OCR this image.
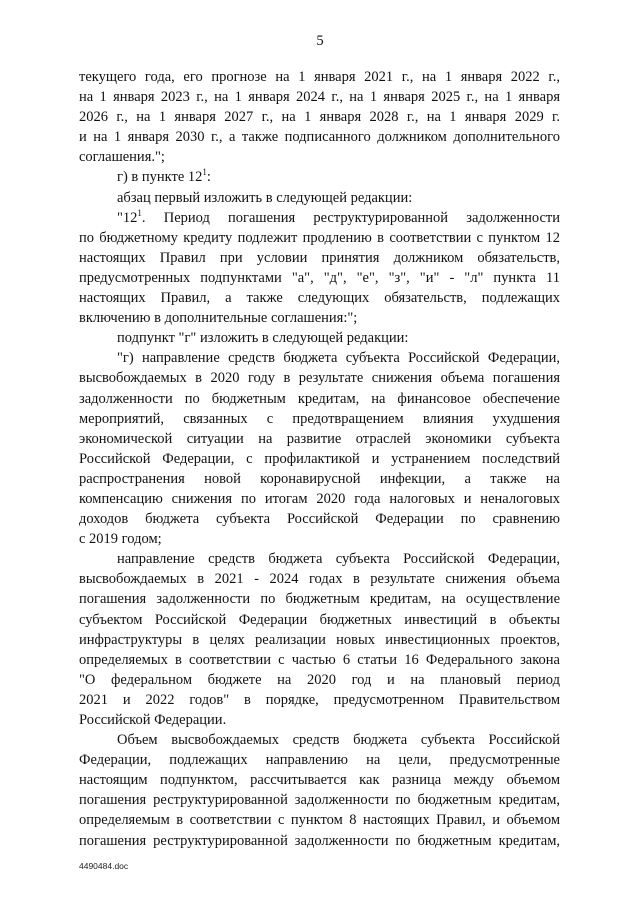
5
текущего года, его прогнозе на 1 января 2021 г., на 1 января 2022 г.,
на 1 января 2023 г., на 1 января 2024 г., на 1 января 2025 г., на 1 января
2026 г., на 1 января 2027 г., на 1 января 2028 г., на 1 января 2029 г.
и на 1 января 2030 г., а также подписанного должником дополнительного
соглашения.";
г) в пункте $12^1$:
абзац первый изложить в следующей редакции:
"$12^1$. Период погашения реструктурированной задолженности
по бюджетному кредиту подлежит продлению в соответствии с пунктом 12
настоящих Правил при условии принятия должником обязательств,
предусмотренных подпунктами "а", "д", "е", "з", "и" - "л" пункта 11
настоящих Правил, а также следующих обязательств, подлежащих
включению в дополнительные соглашения:";
подпункт "г" изложить в следующей редакции:
"г) направление средств бюджета субъекта Российской Федерации,
высвобождаемых в 2020 году в результате снижения объема погашения
задолженности по бюджетным кредитам, на финансовое обеспечение
мероприятий, связанных с предотвращением влияния ухудшения
экономической ситуации на развитие отраслей экономики субъекта
Российской Федерации, с профилактикой и устранением последствий
распространения новой коронавирусной инфекции, а также на
компенсацию снижения по итогам 2020 года налоговых и неналоговых
доходов бюджета субъекта Российской Федерации по сравнению
с 2019 годом;
направление средств бюджета субъекта Российской Федерации,
высвобождаемых в 2021 - 2024 годах в результате снижения объема
погашения задолженности по бюджетным кредитам, на осуществление
субъектом Российской Федерации бюджетных инвестиций в объекты
инфраструктуры в целях реализации новых инвестиционных проектов,
определяемых в соответствии с частью 6 статьи 16 Федерального закона
"О федеральном бюджете на 2020 год и на плановый период
2021 и 2022 годов" в порядке, предусмотренном Правительством
Российской Федерации.
Объем высвобождаемых средств бюджета субъекта Российской
Федерации, подлежащих направлению на цели, предусмотренные
настоящим подпунктом, рассчитывается как разница между объемом
погашения реструктурированной задолженности по бюджетным кредитам,
определяемым в соответствии с пунктом 8 настоящих Правил, и объемом
погашения реструктурированной задолженности по бюджетным кредитам,
4490484.doc
